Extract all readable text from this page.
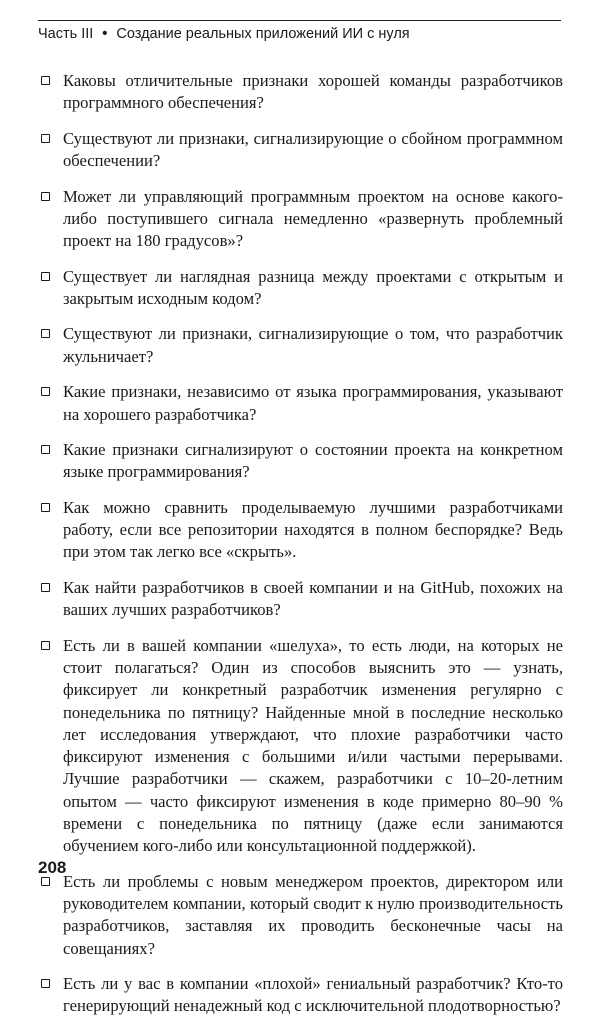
Часть III • Создание реальных приложений ИИ с нуля
Каковы отличительные признаки хорошей команды разработчиков программного обеспечения?
Существуют ли признаки, сигнализирующие о сбойном программном обеспечении?
Может ли управляющий программным проектом на основе какого-либо поступившего сигнала немедленно «развернуть проблемный проект на 180 градусов»?
Существует ли наглядная разница между проектами с открытым и закрытым исходным кодом?
Существуют ли признаки, сигнализирующие о том, что разработчик жульничает?
Какие признаки, независимо от языка программирования, указывают на хорошего разработчика?
Какие признаки сигнализируют о состоянии проекта на конкретном языке программирования?
Как можно сравнить проделываемую лучшими разработчиками работу, если все репозитории находятся в полном беспорядке? Ведь при этом так легко все «скрыть».
Как найти разработчиков в своей компании и на GitHub, похожих на ваших лучших разработчиков?
Есть ли в вашей компании «шелуха», то есть люди, на которых не стоит полагаться? Один из способов выяснить это — узнать, фиксирует ли конкретный разработчик изменения регулярно с понедельника по пятницу? Найденные мной в последние несколько лет исследования утверждают, что плохие разработчики часто фиксируют изменения с большими и/или частыми перерывами. Лучшие разработчики — скажем, разработчики с 10–20-летним опытом — часто фиксируют изменения в коде примерно 80–90 % времени с понедельника по пятницу (даже если занимаются обучением кого-либо или консультационной поддержкой).
Есть ли проблемы с новым менеджером проектов, директором или руководителем компании, который сводит к нулю производительность разработчиков, заставляя их проводить бесконечные часы на совещаниях?
Есть ли у вас в компании «плохой» гениальный разработчик? Кто-то генерирующий ненадежный код с исключительной плодотворностью?
208
